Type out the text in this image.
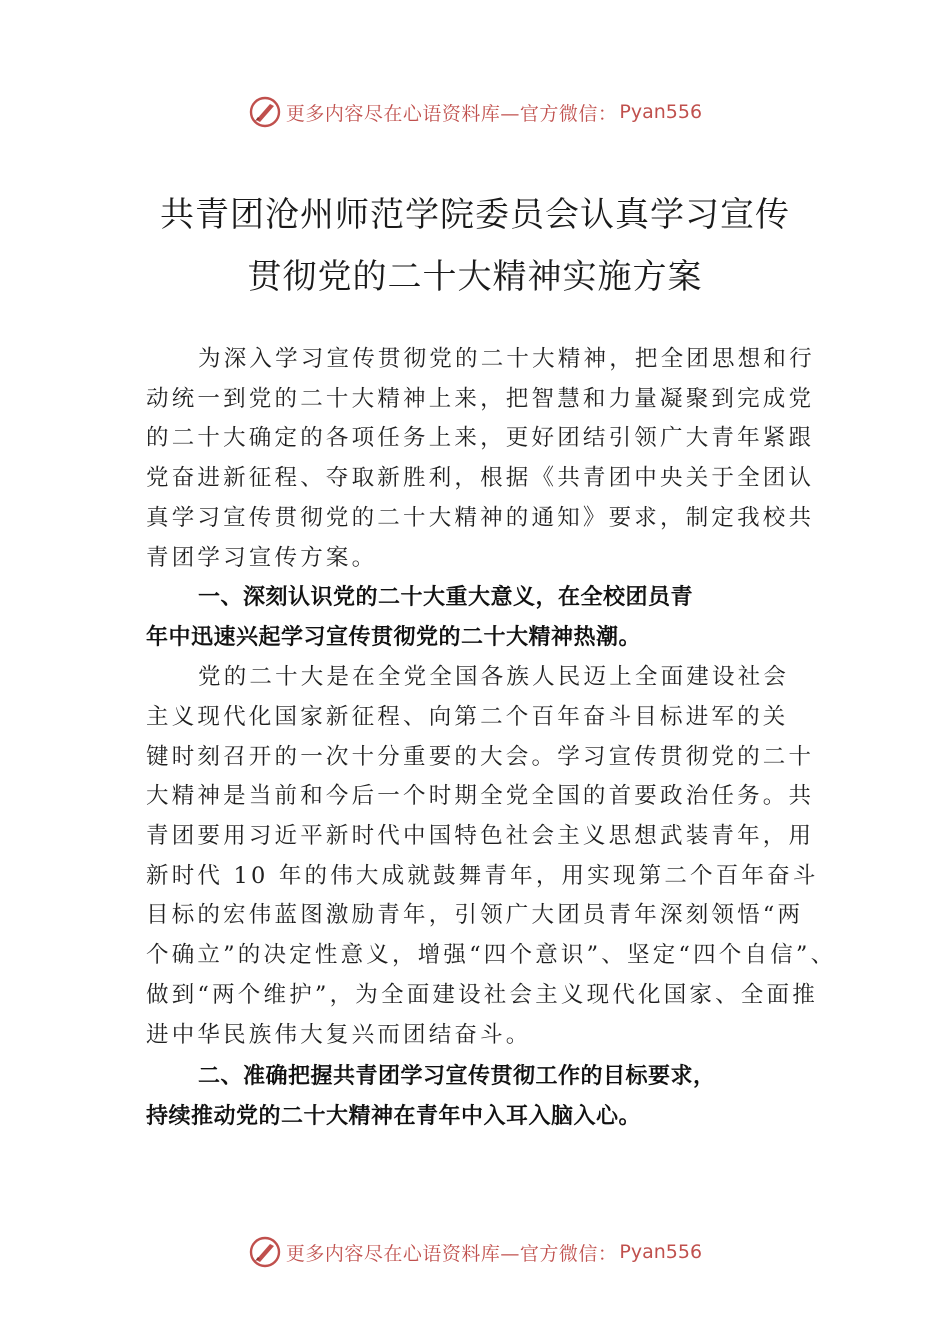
更多内容尽在心语资料库—官方微信： Pyan556
共青团沧州师范学院委员会认真学习宣传
贯彻党的二十大精神实施方案

为深入学习宣传贯彻党的二十大精神，把全团思想和行
动统一到党的二十大精神上来，把智慧和力量凝聚到完成党
的二十大确定的各项任务上来，更好团结引领广大青年紧跟
党奋进新征程、夺取新胜利，根据《共青团中央关于全团认
真学习宣传贯彻党的二十大精神的通知》要求，制定我校共
青团学习宣传方案。

一、深刻认识党的二十大重大意义，在全校团员青
年中迅速兴起学习宣传贯彻党的二十大精神热潮。

党的二十大是在全党全国各族人民迈上全面建设社会
主义现代化国家新征程、向第二个百年奋斗目标进军的关
键时刻召开的一次十分重要的大会。学习宣传贯彻党的二十
大精神是当前和今后一个时期全党全国的首要政治任务。共
青团要用习近平新时代中国特色社会主义思想武装青年，用
新时代 10 年的伟大成就鼓舞青年，用实现第二个百年奋斗
目标的宏伟蓝图激励青年，引领广大团员青年深刻领悟“两
个确立”的决定性意义，增强“四个意识”、坚定“四个自信”、
做到“两个维护”，为全面建设社会主义现代化国家、全面推
进中华民族伟大复兴而团结奋斗。

二、准确把握共青团学习宣传贯彻工作的目标要求，
持续推动党的二十大精神在青年中入耳入脑入心。

更多内容尽在心语资料库—官方微信： Pyan556
